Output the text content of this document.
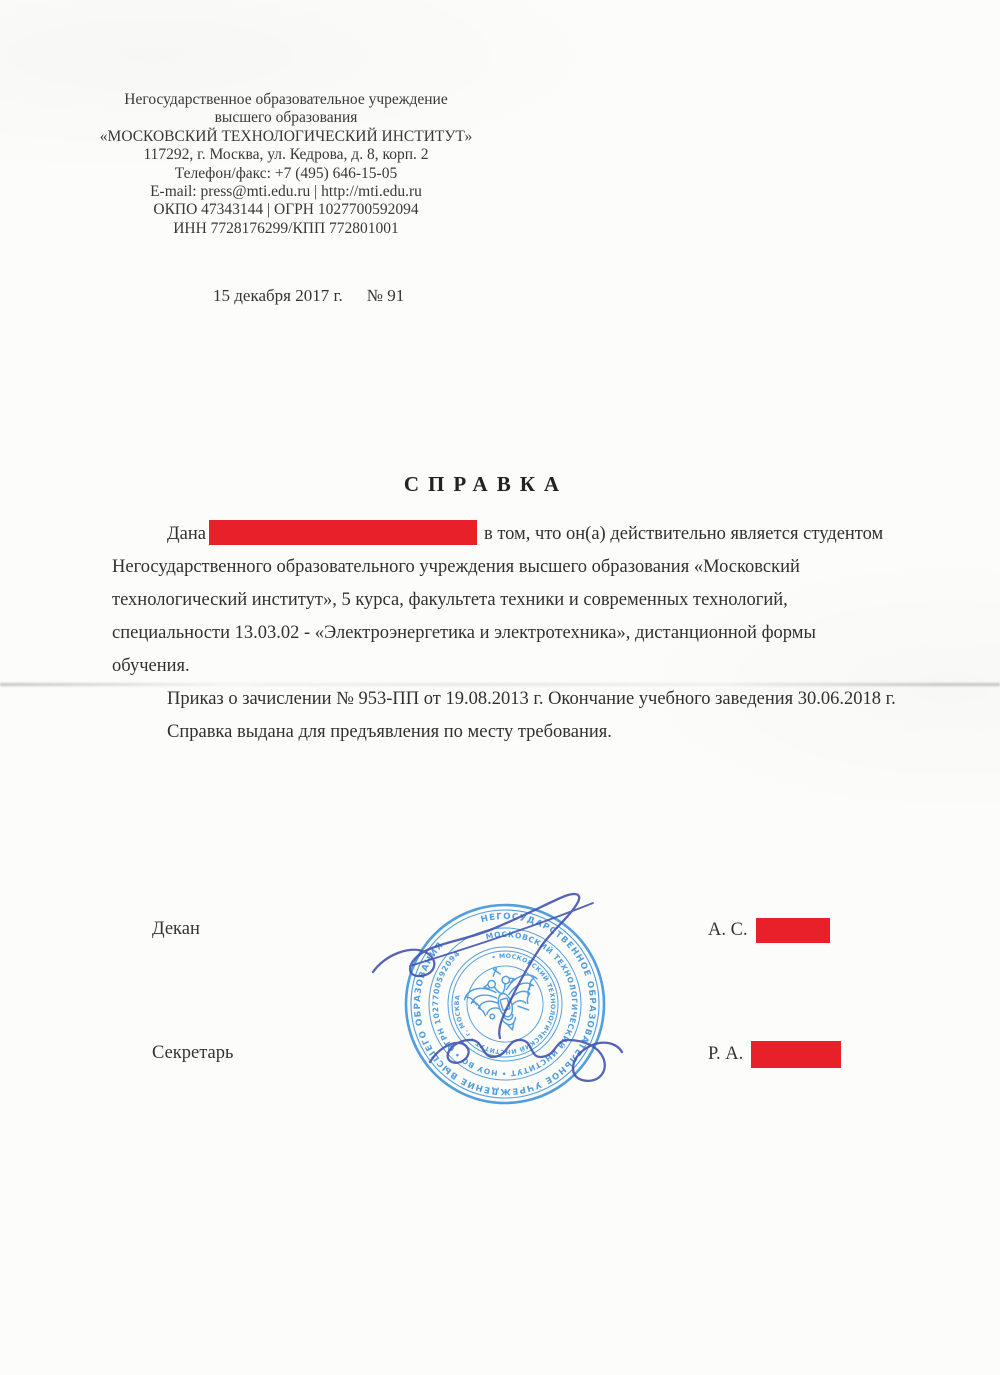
Негосударственное образовательное учреждение
высшего образования
«МОСКОВСКИЙ ТЕХНОЛОГИЧЕСКИЙ ИНСТИТУТ»
117292, г. Москва, ул. Кедрова, д. 8, корп. 2
Телефон/факс: +7 (495) 646-15-05
E-mail: press@mti.edu.ru | http://mti.edu.ru
ОКПО 47343144 | ОГРН 1027700592094
ИНН 7728176299/КПП 772801001
15 декабря 2017 г. № 91
СПРАВКА

Дана	в том, что он(а) действительно является студентом Негосударственного образовательного учреждения высшего образования «Московский технологический институт», 5 курса, факультета техники и современных технологий, специальности 13.03.02 - «Электроэнергетика и электротехника», дистанционной формы обучения.

Приказ о зачислении № 953-ПП от 19.08.2013 г. Окончание учебного заведения 30.06.2018 г.

Справка выдана для предъявления по месту требования.

Декан
Секретарь
А. С.
Р. А.
НЕГОСУДАРСТВЕННОЕ ОБРАЗОВАТЕЛЬНОЕ УЧРЕЖДЕНИЕ ВЫСШЕГО ОБРАЗОВАНИЯ
МОСКОВСКИЙ ТЕХНОЛОГИЧЕСКИЙ ИНСТИТУТ • НОУ ВО • ОГРН 1027700592094	• МОСКОВСКИЙ ТЕХНОЛОГИЧЕСКИЙ ИНСТИТУТ • г. МОСКВА
